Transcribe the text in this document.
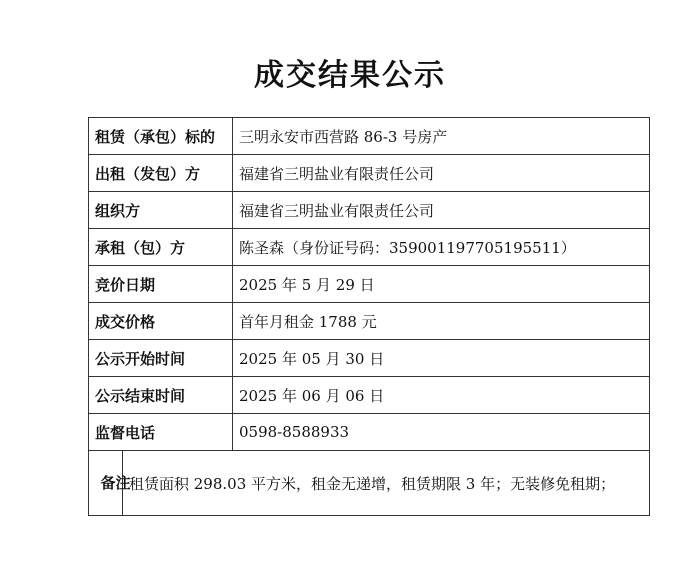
成交结果公示
租赁（承包）标的		三明永安市西营路 86-3 号房产
出租（发包）方		福建省三明盐业有限责任公司
组织方		福建省三明盐业有限责任公司
承租（包）方		陈圣森（身份证号码：359001197705195511）
竞价日期		2025 年 5 月 29 日
成交价格		首年月租金 1788 元
公示开始时间		2025 年 05 月 30 日
公示结束时间		2025 年 06 月 06 日
监督电话		0598-8588933
备注	租赁面积 298.03 平方米，租金无递增，租赁期限 3 年；无装修免租期；	
